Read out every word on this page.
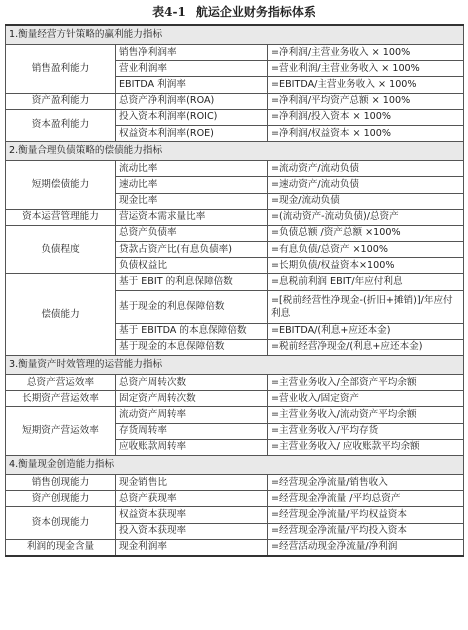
表4-1 航运企业财务指标体系
1.衡量经营方针策略的赢利能力指标		
销售盈利能力	销售净利润率	=净利润/主营业务收入 × 100%
	营业利润率	=营业利润/主营业务收入 × 100%
	EBITDA 利润率	=EBITDA/主营业务收入 × 100%
资产盈利能力	总资产净利润率(ROA)	=净利润/平均资产总额 × 100%
资本盈利能力	投入资本利润率(ROIC)	=净利润/投入资本 × 100%
	权益资本利润率(ROE)	=净利润/权益资本 × 100%
2.衡量合理负债策略的偿债能力指标		
短期偿债能力	流动比率	=流动资产/流动负债
	速动比率	=速动资产/流动负债
	现金比率	=现金/流动负债
资本运营管理能力	营运资本需求量比率	=(流动资产-流动负债)/总资产
负债程度	总资产负债率	=负债总额 /资产总额 ×100%
	贷款占资产比(有息负债率)	=有息负债/总资产 ×100%
	负债权益比	=长期负债/权益资本×100%
偿债能力	基于 EBIT 的利息保障倍数	=息税前利润 EBIT/年应付利息
	基于现金的利息保障倍数	=[税前经营性净现金-(折旧+摊销)]/年应付利息
	基于 EBITDA 的本息保障倍数	=EBITDA/(利息+应还本金)
	基于现金的本息保障倍数	=税前经营净现金/(利息+应还本金)
3.衡量资产时效管理的运营能力指标		
总资产营运效率	总资产周转次数	=主营业务收入/全部资产平均余额
长期资产营运效率	固定资产周转次数	=营业收入/固定资产
短期资产营运效率	流动资产周转率	=主营业务收入/流动资产平均余额
	存货周转率	=主营业务收入/平均存货
	应收账款周转率	=主营业务收入/ 应收账款平均余额
4.衡量现金创造能力指标		
销售创现能力	现金销售比	=经营现金净流量/销售收入
资产创现能力	总资产获现率	=经营现金净流量 /平均总资产
资本创现能力	权益资本获现率	=经营现金净流量/平均权益资本
	投入资本获现率	=经营现金净流量/平均投入资本
利润的现金含量	现金利润率	=经营活动现金净流量/净利润
